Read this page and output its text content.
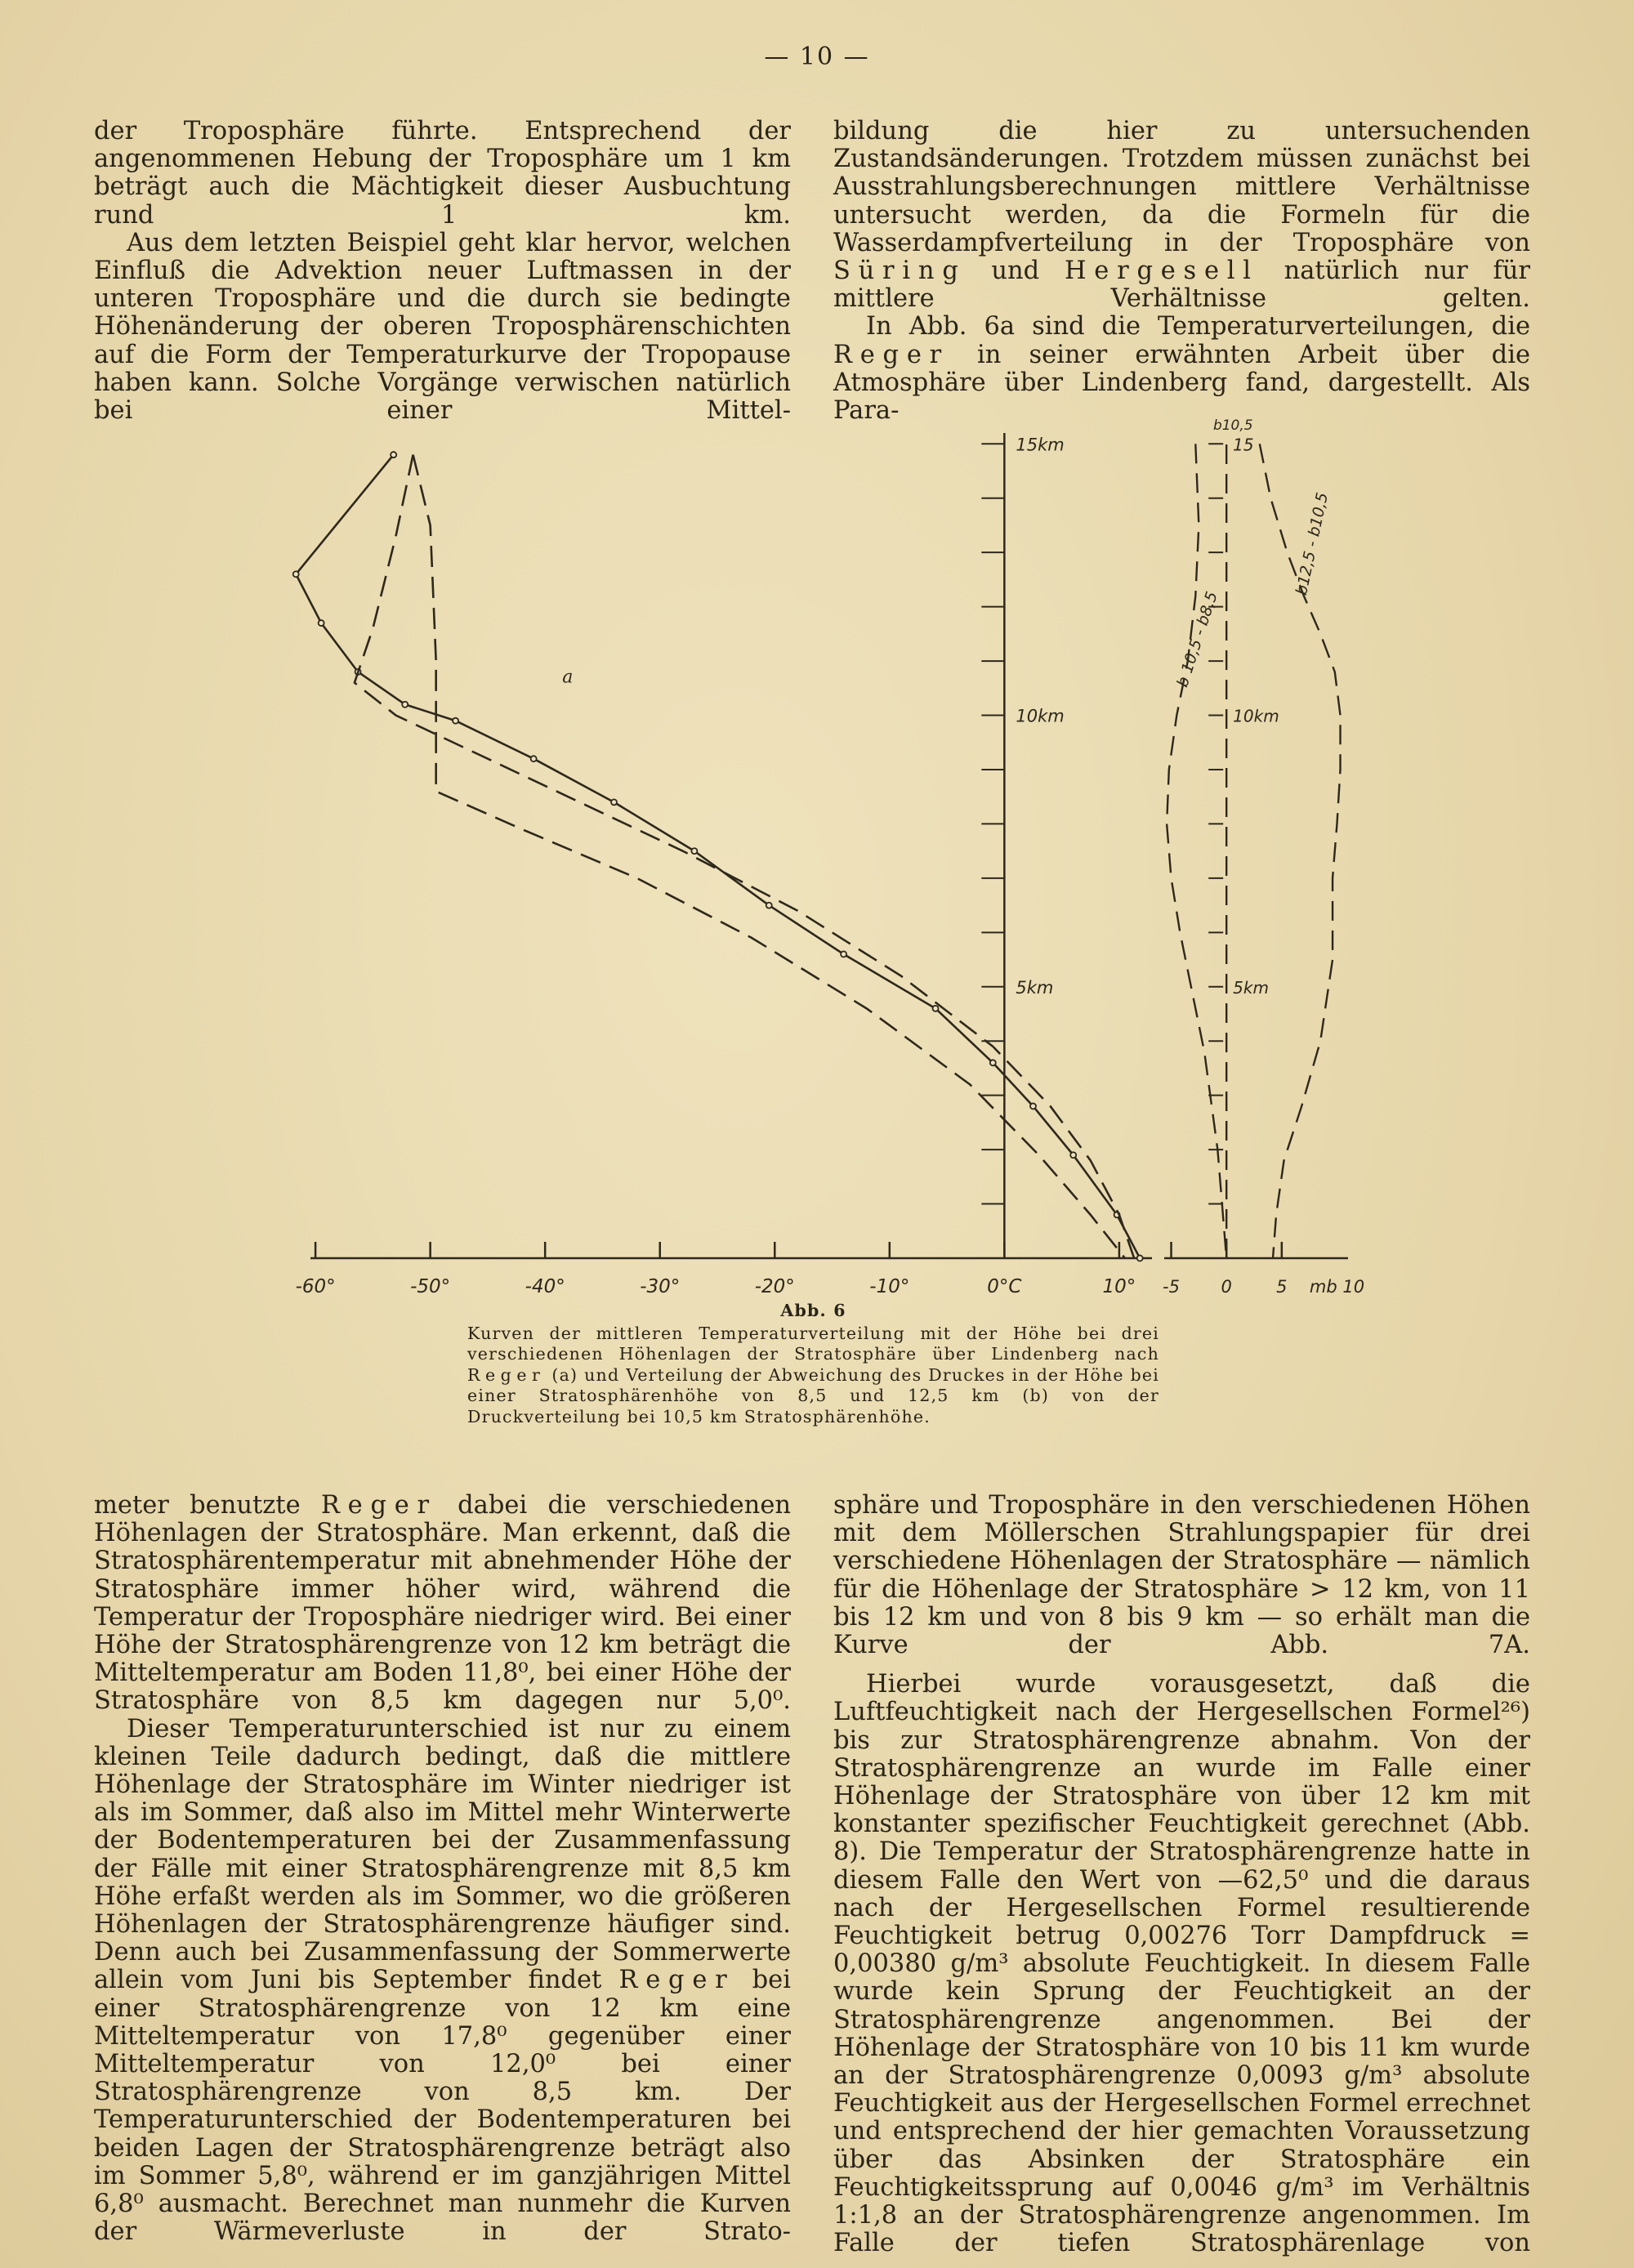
— 10 —

der Troposphäre führte. Entsprechend der angenommenen Hebung der Troposphäre um 1 km beträgt auch die Mächtigkeit dieser Ausbuchtung rund 1 km.

Aus dem letzten Beispiel geht klar hervor, welchen Einfluß die Advektion neuer Luftmassen in der unteren Troposphäre und die durch sie bedingte Höhenänderung der oberen Troposphärenschichten auf die Form der Temperaturkurve der Tropopause haben kann. Solche Vorgänge verwischen natürlich bei einer Mittel-

bildung die hier zu untersuchenden Zustandsänderungen. Trotzdem müssen zunächst bei Ausstrahlungsberechnungen mittlere Verhältnisse untersucht werden, da die Formeln für die Wasserdampfverteilung in der Troposphäre von Süring und Hergesell natürlich nur für mittlere Verhältnisse gelten.

In Abb. 6a sind die Temperaturverteilungen, die Reger in seiner erwähnten Arbeit über die Atmosphäre über Lindenberg fand, dargestellt. Als Para-

-60°	-50°	-40°	-30°	-20°	-10°	0°C	10°
5km
10km
15km
a
-5 0	5 mb 10
5km
10km
15
b10,5
b 10,5 - b8,5
b12,5 - b10,5
Abb. 6
Kurven der mittleren Temperaturverteilung mit der Höhe bei drei verschiedenen Höhenlagen der Stratosphäre über Lindenberg nach Reger (a) und Verteilung der Abweichung des Druckes in der Höhe bei einer Stratosphärenhöhe von 8,5 und 12,5 km (b) von der Druckverteilung bei 10,5 km Stratosphärenhöhe.

meter benutzte Reger dabei die verschiedenen Höhenlagen der Stratosphäre. Man erkennt, daß die Stratosphärentemperatur mit abnehmender Höhe der Stratosphäre immer höher wird, während die Temperatur der Troposphäre niedriger wird. Bei einer Höhe der Stratosphärengrenze von 12 km beträgt die Mitteltemperatur am Boden 11,8⁰, bei einer Höhe der Stratosphäre von 8,5 km dagegen nur 5,0⁰.

Dieser Temperaturunterschied ist nur zu einem kleinen Teile dadurch bedingt, daß die mittlere Höhenlage der Stratosphäre im Winter niedriger ist als im Sommer, daß also im Mittel mehr Winterwerte der Bodentemperaturen bei der Zusammenfassung der Fälle mit einer Stratosphärengrenze mit 8,5 km Höhe erfaßt werden als im Sommer, wo die größeren Höhenlagen der Stratosphärengrenze häufiger sind. Denn auch bei Zusammenfassung der Sommerwerte allein vom Juni bis September findet Reger bei einer Stratosphärengrenze von 12 km eine Mitteltemperatur von 17,8⁰ gegenüber einer Mitteltemperatur von 12,0⁰ bei einer Stratosphärengrenze von 8,5 km. Der Temperaturunterschied der Bodentemperaturen bei beiden Lagen der Stratosphärengrenze beträgt also im Sommer 5,8⁰, während er im ganzjährigen Mittel 6,8⁰ ausmacht. Berechnet man nunmehr die Kurven der Wärmeverluste in der Strato-

sphäre und Troposphäre in den verschiedenen Höhen mit dem Möllerschen Strahlungspapier für drei verschiedene Höhenlagen der Stratosphäre — nämlich für die Höhenlage der Stratosphäre > 12 km, von 11 bis 12 km und von 8 bis 9 km — so erhält man die Kurve der Abb. 7A.

Hierbei wurde vorausgesetzt, daß die Luftfeuchtigkeit nach der Hergesellschen Formel²⁶) bis zur Stratosphärengrenze abnahm. Von der Stratosphärengrenze an wurde im Falle einer Höhenlage der Stratosphäre von über 12 km mit konstanter spezifischer Feuchtigkeit gerechnet (Abb. 8). Die Temperatur der Stratosphärengrenze hatte in diesem Falle den Wert von —62,5⁰ und die daraus nach der Hergesellschen Formel resultierende Feuchtigkeit betrug 0,00276 Torr Dampfdruck = 0,00380 g/m³ absolute Feuchtigkeit. In diesem Falle wurde kein Sprung der Feuchtigkeit an der Stratosphärengrenze angenommen. Bei der Höhenlage der Stratosphäre von 10 bis 11 km wurde an der Stratosphärengrenze 0,0093 g/m³ absolute Feuchtigkeit aus der Hergesellschen Formel errechnet und entsprechend der hier gemachten Voraussetzung über das Absinken der Stratosphäre ein Feuchtigkeitssprung auf 0,0046 g/m³ im Verhältnis 1:1,8 an der Stratosphärengrenze angenommen. Im Falle der tiefen Stratosphärenlage von
